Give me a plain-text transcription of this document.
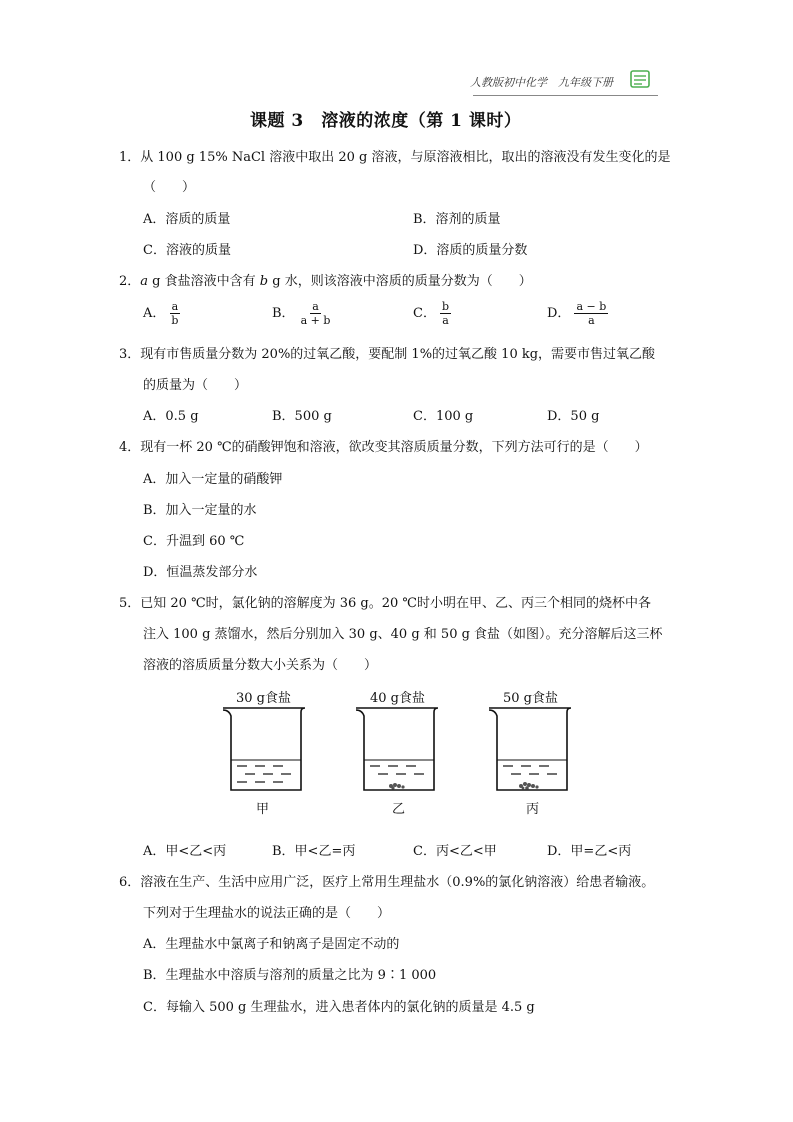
人教版初中化学　九年级下册
课题 3　溶液的浓度（第 1 课时）
1．从 100 g 15% NaCl 溶液中取出 20 g 溶液，与原溶液相比，取出的溶液没有发生变化的是
（　　）
A．溶质的质量	B．溶剂的质量
C．溶液的质量	D．溶质的质量分数
2．a g 食盐溶液中含有 b g 水，则该溶液中溶质的质量分数为（　　）
A． $\frac{a}{b}$	B． $\frac{a}{a + b}$	C． $\frac{b}{a}$	D． $\frac{a - b}{a}$
3．现有市售质量分数为 20%的过氧乙酸，要配制 1%的过氧乙酸 10 kg，需要市售过氧乙酸
的质量为（　　）
A．0.5 g	B．500 g	C．100 g	D．50 g
4．现有一杯 20 ℃的硝酸钾饱和溶液，欲改变其溶质质量分数，下列方法可行的是（　　）
A．加入一定量的硝酸钾
B．加入一定量的水
C．升温到 60 ℃
D．恒温蒸发部分水
5．已知 20 ℃时，氯化钠的溶解度为 36 g。20 ℃时小明在甲、乙、丙三个相同的烧杯中各
注入 100 g 蒸馏水，然后分别加入 30 g、40 g 和 50 g 食盐（如图）。充分溶解后这三杯
溶液的溶质质量分数大小关系为（　　）
30 g食盐	40 g食盐	50 g食盐
甲	乙	丙
A．甲<乙<丙	B．甲<乙=丙	C．丙<乙<甲	D．甲=乙<丙
6．溶液在生产、生活中应用广泛，医疗上常用生理盐水（0.9%的氯化钠溶液）给患者输液。
下列对于生理盐水的说法正确的是（　　）
A．生理盐水中氯离子和钠离子是固定不动的
B．生理盐水中溶质与溶剂的质量之比为 9∶1 000
C．每输入 500 g 生理盐水，进入患者体内的氯化钠的质量是 4.5 g
